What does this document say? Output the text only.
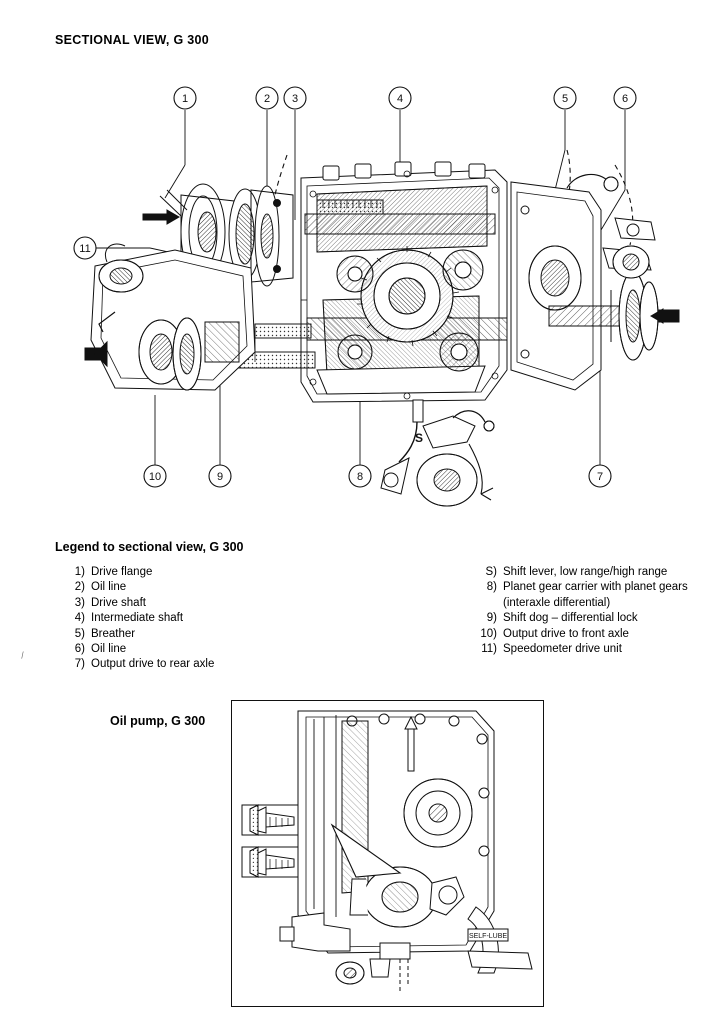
SECTIONAL VIEW, G 300
⁄
1	2 3	4	5	6
11
10	9	8	7
S
Legend to sectional view, G 300
1) Drive flange
2) Oil line
3) Drive shaft
4) Intermediate shaft
5) Breather
6) Oil line
7) Output drive to rear axle
S) Shift lever, low range/high range
8) Planet gear carrier with planet gears
(interaxle differential)
9) Shift dog – differential lock
10) Output drive to front axle
11) Speedometer drive unit
Oil pump, G 300
SELF-LUBE
